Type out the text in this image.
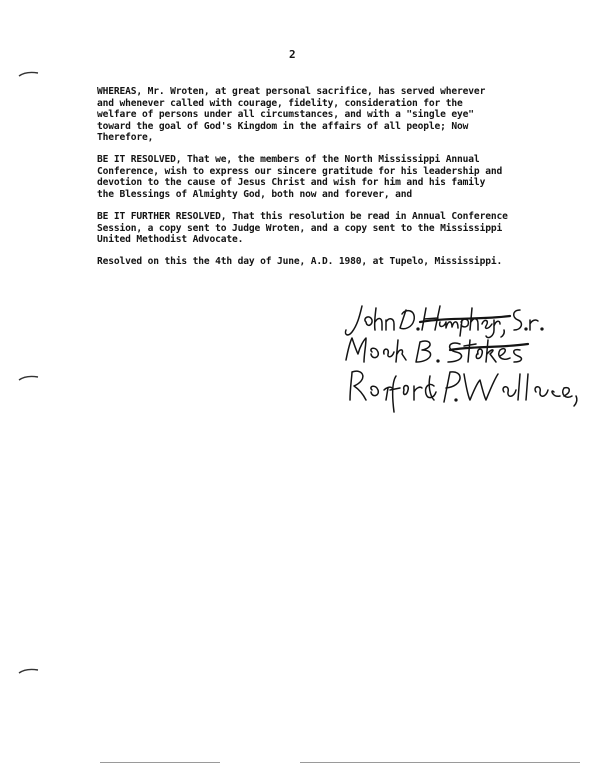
2

WHEREAS, Mr. Wroten, at great personal sacrifice, has served wherever
and whenever called with courage, fidelity, consideration for the
welfare of persons under all circumstances, and with a "single eye"
toward the goal of God's Kingdom in the affairs of all people; Now
Therefore,

BE IT RESOLVED, That we, the members of the North Mississippi Annual
Conference, wish to express our sincere gratitude for his leadership and
devotion to the cause of Jesus Christ and wish for him and his family
the Blessings of Almighty God, both now and forever, and

BE IT FURTHER RESOLVED, That this resolution be read in Annual Conference
Session, a copy sent to Judge Wroten, and a copy sent to the Mississippi
United Methodist Advocate.

Resolved on this the 4th day of June, A.D. 1980, at Tupelo, Mississippi.
